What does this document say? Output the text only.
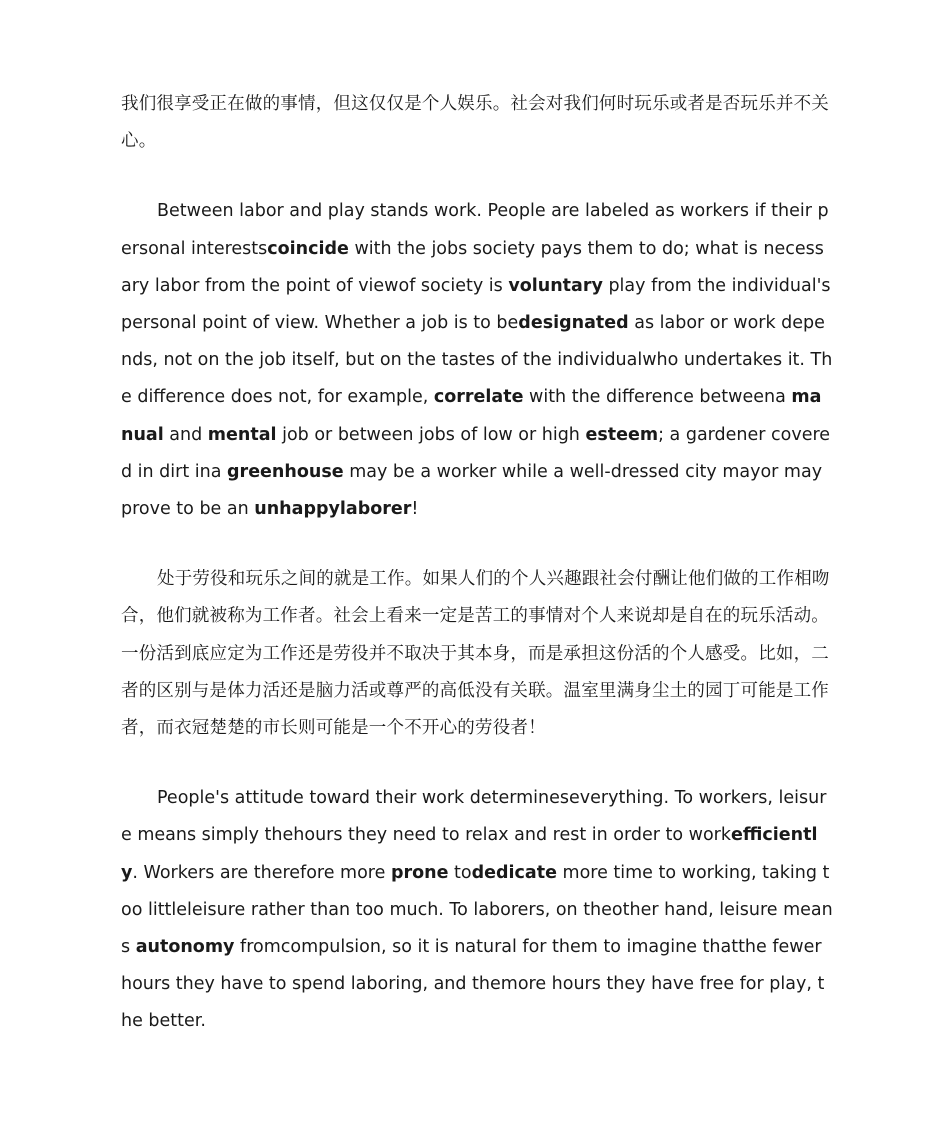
我们很享受正在做的事情，但这仅仅是个人娱乐。社会对我们何时玩乐或者是否玩乐并不关心。

Between labor and play stands work. People are labeled as workers if their personal interestscoincide with the jobs society pays them to do; what is necessary labor from the point of viewof society is voluntary play from the individual's personal point of view. Whether a job is to bedesignated as labor or work depends, not on the job itself, but on the tastes of the individualwho undertakes it. The difference does not, for example, correlate with the difference betweena manual and mental job or between jobs of low or high esteem; a gardener covered in dirt ina greenhouse may be a worker while a well-dressed city mayor may prove to be an unhappylaborer!

处于劳役和玩乐之间的就是工作。如果人们的个人兴趣跟社会付酬让他们做的工作相吻合，他们就被称为工作者。社会上看来一定是苦工的事情对个人来说却是自在的玩乐活动。一份活到底应定为工作还是劳役并不取决于其本身，而是承担这份活的个人感受。比如，二者的区别与是体力活还是脑力活或尊严的高低没有关联。温室里满身尘土的园丁可能是工作者，而衣冠楚楚的市长则可能是一个不开心的劳役者！

People's attitude toward their work determineseverything. To workers, leisure means simply thehours they need to relax and rest in order to workefficiently. Workers are therefore more prone todedicate more time to working, taking too littleleisure rather than too much. To laborers, on theother hand, leisure means autonomy fromcompulsion, so it is natural for them to imagine thatthe fewer hours they have to spend laboring, and themore hours they have free for play, the better.
